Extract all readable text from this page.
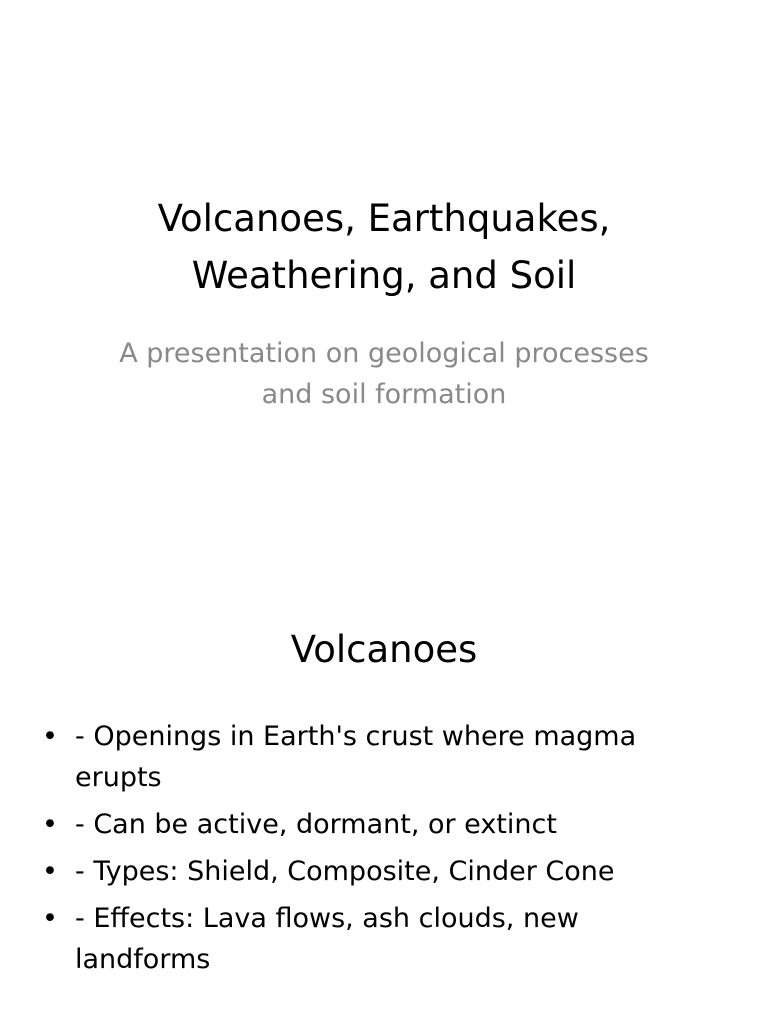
Volcanoes, Earthquakes, Weathering, and Soil

A presentation on geological processes and soil formation

Volcanoes
• - Openings in Earth's crust where magma erupts
• - Can be active, dormant, or extinct
• - Types: Shield, Composite, Cinder Cone
• - Effects: Lava flows, ash clouds, new landforms
